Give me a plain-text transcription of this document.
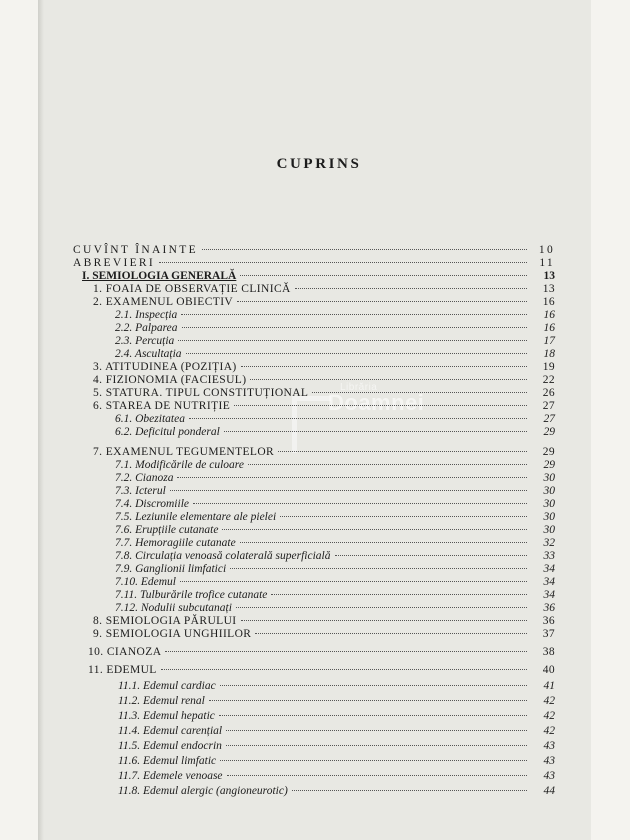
CUPRINS
Librăria
Doamnei
CUVÎNT ÎNAINTE	10
ABREVIERI	11
I. SEMIOLOGIA GENERALĂ	13
1. FOAIA DE OBSERVAȚIE CLINICĂ	13
2. EXAMENUL OBIECTIV	16
2.1. Inspecția	16
2.2. Palparea	16
2.3. Percuția	17
2.4. Ascultația	18
3. ATITUDINEA (POZIȚIA)	19
4. FIZIONOMIA (FACIESUL)	22
5. STATURA. TIPUL CONSTITUȚIONAL	26
6. STAREA DE NUTRIȚIE	27
6.1. Obezitatea	27
6.2. Deficitul ponderal	29
7. EXAMENUL TEGUMENTELOR	29
7.1. Modificările de culoare	29
7.2. Cianoza	30
7.3. Icterul	30
7.4. Discromiile	30
7.5. Leziunile elementare ale pielei	30
7.6. Erupțiile cutanate	30
7.7. Hemoragiile cutanate	32
7.8. Circulația venoasă colaterală superficială	33
7.9. Ganglionii limfatici	34
7.10. Edemul	34
7.11. Tulburările trofice cutanate	34
7.12. Nodulii subcutanați	36
8. SEMIOLOGIA PĂRULUI	36
9. SEMIOLOGIA UNGHIILOR	37
10. CIANOZA	38
11. EDEMUL	40
11.1. Edemul cardiac	41
11.2. Edemul renal	42
11.3. Edemul hepatic	42
11.4. Edemul carențial	42
11.5. Edemul endocrin	43
11.6. Edemul limfatic	43
11.7. Edemele venoase	43
11.8. Edemul alergic (angioneurotic)	44
